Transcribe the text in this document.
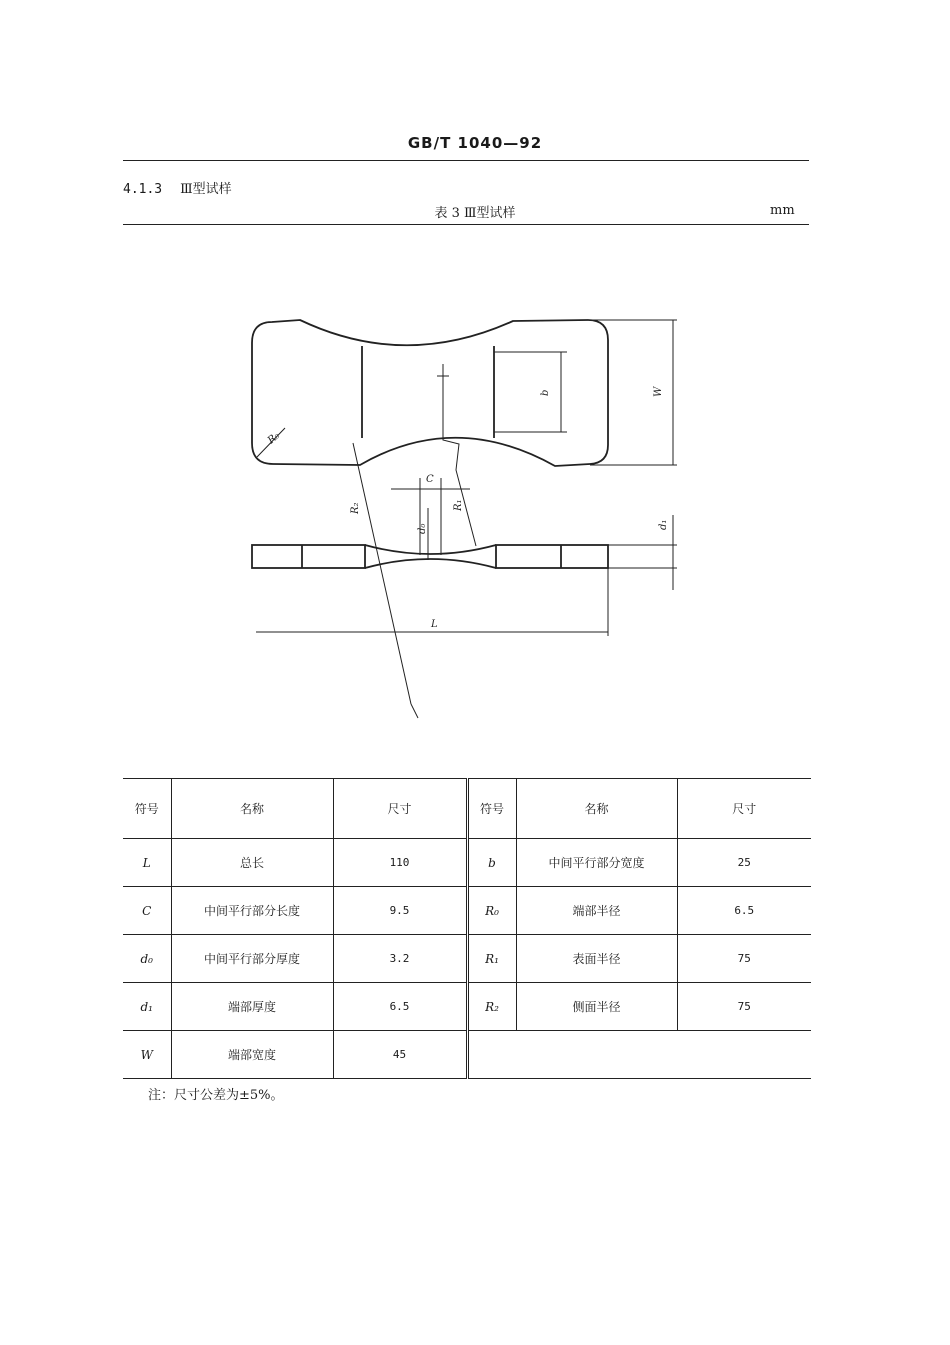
GB/T 1040—92
4.1.3 Ⅲ型试样
表 3 Ⅲ型试样	mm
R₀
b	W
C
R₂	R₁
d₀	d₁
L
符号	名称	尺寸	符号	名称	尺寸
L	总长	110	b	中间平行部分宽度	25
C	中间平行部分长度	9.5	R₀	端部半径	6.5
d₀	中间平行部分厚度	3.2	R₁	表面半径	75
d₁	端部厚度	6.5	R₂	侧面半径	75
W	端部宽度	45			
注：尺寸公差为±5%。
